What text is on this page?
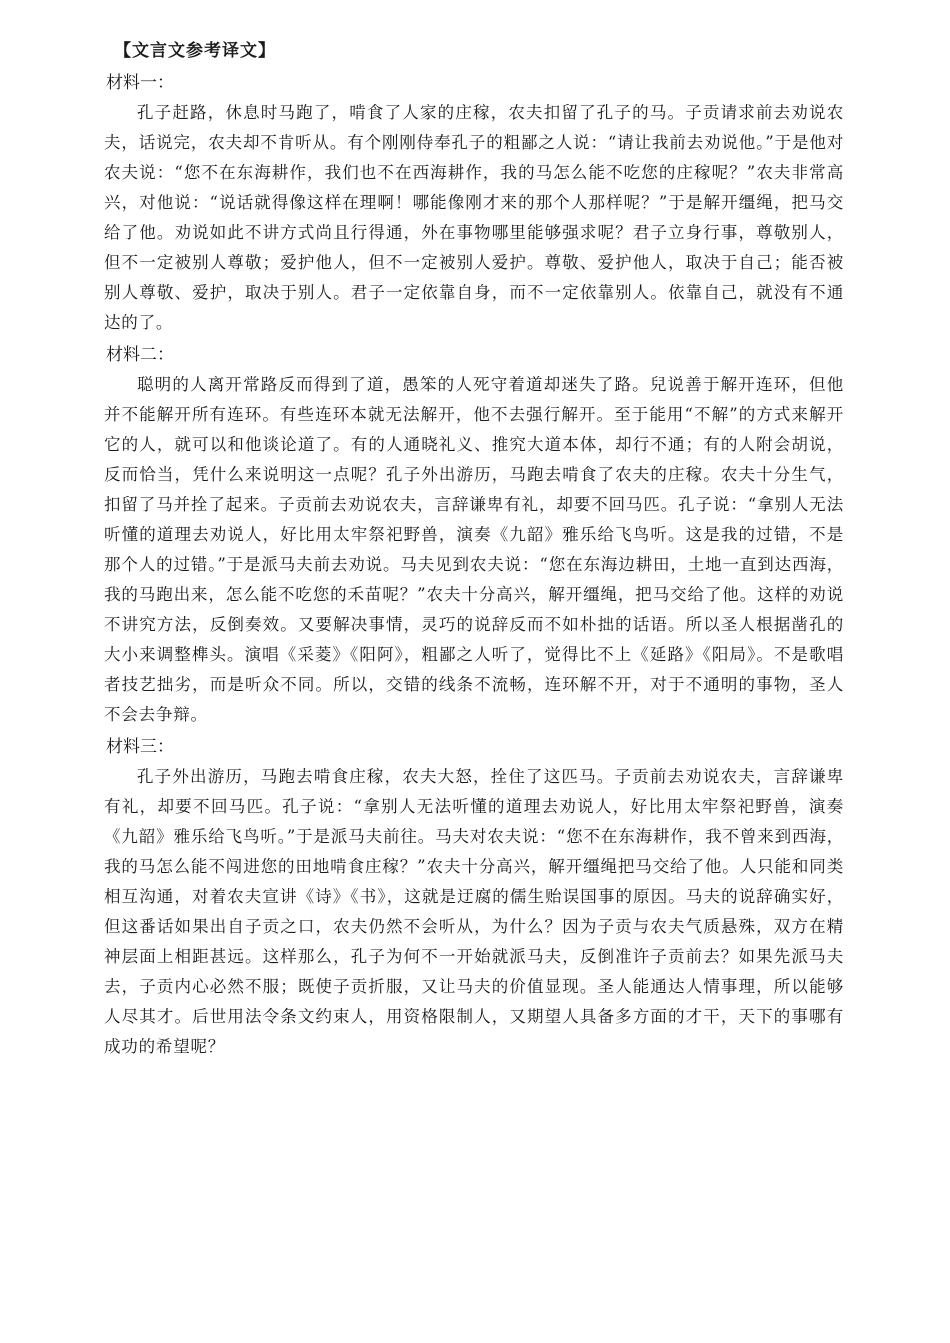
【文言文参考译文】
材料一：

孔子赶路，休息时马跑了，啃食了人家的庄稼，农夫扣留了孔子的马。子贡请求前去劝说农夫，话说完，农夫却不肯听从。有个刚刚侍奉孔子的粗鄙之人说：“请让我前去劝说他。”于是他对农夫说：“您不在东海耕作，我们也不在西海耕作，我的马怎么能不吃您的庄稼呢？”农夫非常高兴，对他说：“说话就得像这样在理啊！哪能像刚才来的那个人那样呢？”于是解开缰绳，把马交给了他。劝说如此不讲方式尚且行得通，外在事物哪里能够强求呢？君子立身行事，尊敬别人，但不一定被别人尊敬；爱护他人，但不一定被别人爱护。尊敬、爱护他人，取决于自己；能否被别人尊敬、爱护，取决于别人。君子一定依靠自身，而不一定依靠别人。依靠自己，就没有不通达的了。

材料二：

聪明的人离开常路反而得到了道，愚笨的人死守着道却迷失了路。兒说善于解开连环，但他并不能解开所有连环。有些连环本就无法解开，他不去强行解开。至于能用“不解”的方式来解开它的人，就可以和他谈论道了。有的人通晓礼义、推究大道本体，却行不通；有的人附会胡说，反而恰当，凭什么来说明这一点呢？孔子外出游历，马跑去啃食了农夫的庄稼。农夫十分生气，扣留了马并拴了起来。子贡前去劝说农夫，言辞谦卑有礼，却要不回马匹。孔子说：“拿别人无法听懂的道理去劝说人，好比用太牢祭祀野兽，演奏《九韶》雅乐给飞鸟听。这是我的过错，不是那个人的过错。”于是派马夫前去劝说。马夫见到农夫说：“您在东海边耕田，土地一直到达西海，我的马跑出来，怎么能不吃您的禾苗呢？”农夫十分高兴，解开缰绳，把马交给了他。这样的劝说不讲究方法，反倒奏效。又要解决事情，灵巧的说辞反而不如朴拙的话语。所以圣人根据凿孔的大小来调整榫头。演唱《采菱》《阳阿》，粗鄙之人听了，觉得比不上《延路》《阳局》。不是歌唱者技艺拙劣，而是听众不同。所以，交错的线条不流畅，连环解不开，对于不通明的事物，圣人不会去争辩。

材料三：

孔子外出游历，马跑去啃食庄稼，农夫大怒，拴住了这匹马。子贡前去劝说农夫，言辞谦卑有礼，却要不回马匹。孔子说：“拿别人无法听懂的道理去劝说人，好比用太牢祭祀野兽，演奏《九韶》雅乐给飞鸟听。”于是派马夫前往。马夫对农夫说：“您不在东海耕作，我不曾来到西海，我的马怎么能不闯进您的田地啃食庄稼？”农夫十分高兴，解开缰绳把马交给了他。人只能和同类相互沟通，对着农夫宣讲《诗》《书》，这就是迂腐的儒生贻误国事的原因。马夫的说辞确实好，但这番话如果出自子贡之口，农夫仍然不会听从，为什么？因为子贡与农夫气质悬殊，双方在精神层面上相距甚远。这样那么，孔子为何不一开始就派马夫，反倒准许子贡前去？如果先派马夫去，子贡内心必然不服；既使子贡折服，又让马夫的价值显现。圣人能通达人情事理，所以能够人尽其才。后世用法令条文约束人，用资格限制人，又期望人具备多方面的才干，天下的事哪有成功的希望呢？
